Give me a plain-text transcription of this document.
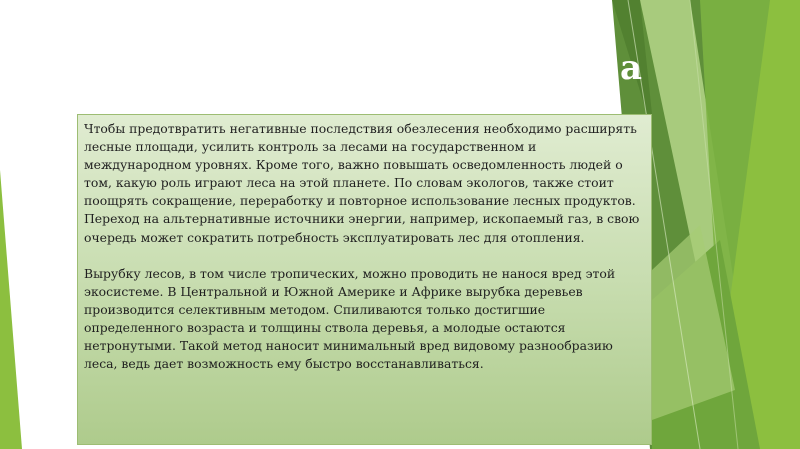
а

Чтобы предотвратить негативные последствия обезлесения необходимо расширять лесные площади, усилить контроль за лесами на государственном и международном уровнях. Кроме того, важно повышать осведомленность людей о том, какую роль играют леса на этой планете. По словам экологов, также стоит поощрять сокращение, переработку и повторное использование лесных продуктов. Переход на альтернативные источники энергии, например, ископаемый газ, в свою очередь может сократить потребность эксплуатировать лес для отопления.

Вырубку лесов, в том числе тропических, можно проводить не нанося вред этой экосистеме. В Центральной и Южной Америке и Африке вырубка деревьев производится селективным методом. Спиливаются только достигшие определенного возраста и толщины ствола деревья, а молодые остаются нетронутыми. Такой метод наносит минимальный вред видовому разнообразию леса, ведь дает возможность ему быстро восстанавливаться.
